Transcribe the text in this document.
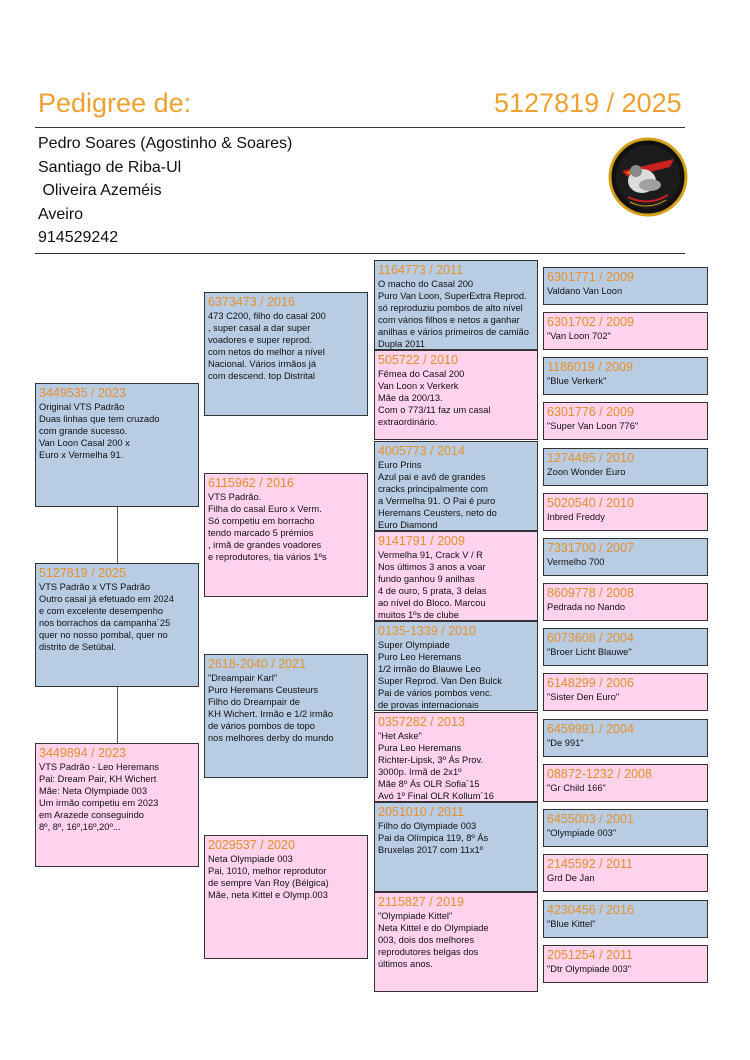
Pedigree de:	5127819 / 2025
Pedro Soares (Agostinho & Soares)
Santiago de Riba-Ul
Oliveira Azeméis
Aveiro
914529242
3449535 / 2023
Original VTS Padrão
Duas linhas que tem cruzado
com grande sucesso.
Van Loon Casal 200 x
Euro x Vermelha 91.
5127819 / 2025
VTS Padrão x VTS Padrão
Outro casal já efetuado em 2024
e com excelente desempenho
nos borrachos da campanha´25
quer no nosso pombal, quer no
distrito de Setúbal.
3449894 / 2023
VTS Padrão - Leo Heremans
Pai: Dream Pair, KH Wichert
Mãe: Neta Olympiade 003
Um irmão competiu em 2023
em Arazede conseguindo
8º, 8º, 16º,16º,20º...
6373473 / 2016
473 C200, filho do casal 200
, super casal a dar super
voadores e super reprod.
com netos do melhor a nível
Nacional. Vários irmãos já
com descend. top Distrital
6115962 / 2016
VTS Padrão.
Filha do casal Euro x Verm.
Só competiu em borracho
tendo marcado 5 prémios
, irmã de grandes voadores
e reprodutores, tia vários 1ºs
2618-2040 / 2021
"Dreampair Karl"
Puro Heremans Ceusteurs
Filho do Dreampair de
KH Wichert. Irmão e 1/2 irmão
de vários pombos de topo
nos melhores derby do mundo
2029537 / 2020
Neta Olympiade 003
Pai, 1010, melhor reprodutor
de sempre Van Roy (Bélgica)
Mãe, neta Kittel e Olymp.003
1164773 / 2011
O macho do Casal 200
Puro Van Loon, SuperExtra Reprod.
só reproduziu pombos de alto nível
com vários filhos e netos a ganhar
anilhas e vários primeiros de camião
Dupla 2011
505722 / 2010
Fêmea do Casal 200
Van Loon x Verkerk
Mãe da 200/13.
Com o 773/11 faz um casal
extraordinário.
4005773 / 2014
Euro Prins
Azul pai e avô de grandes
cracks principalmente com
a Vermelha 91. O Pai é puro
Heremans Ceusters, neto do
Euro Diamond
9141791 / 2009
Vermelha 91, Crack V / R
Nos últimos 3 anos a voar
fundo ganhou 9 anilhas
4 de ouro, 5 prata, 3 delas
ao nível do Bloco. Marcou
muitos 1ºs de clube
0135-1339 / 2010
Super Olympiade
Puro Leo Heremans
1/2 irmão do Blauwe Leo
Super Reprod. Van Den Bulck
Pai de vários pombos venc.
de provas internacionais
0357282 / 2013
"Het Aske"
Pura Leo Heremans
Richter-Lipsk, 3º Ás Prov.
3000p. Irmã de 2x1º
Mãe 8º Ás OLR Sofia´15
Avó 1º Final OLR Kollum´16
2051010 / 2011
Filho do Olympiade 003
Pai da Olímpica 119, 8º Ás
Bruxelas 2017 com 11x1º
2115827 / 2019
"Olympiade Kittel"
Neta Kittel e do Olympiade
003, dois dos melhores
reprodutores belgas dos
últimos anos.
6301771 / 2009
Valdano Van Loon
6301702 / 2009
"Van Loon 702"
1186019 / 2009
"Blue Verkerk"
6301776 / 2009
"Super Van Loon 776"
1274495 / 2010
Zoon Wonder Euro
5020540 / 2010
Inbred Freddy
7331700 / 2007
Vermelho 700
8609778 / 2008
Pedrada no Nando
6073608 / 2004
"Broer Licht Blauwe"
6148299 / 2006
"Sister Den Euro"
6459991 / 2004
"De 991"
08872-1232 / 2008
"Gr Child 166"
6455003 / 2001
"Olympiade 003"
2145592 / 2011
Grd De Jan
4230456 / 2016
"Blue Kittel"
2051254 / 2011
"Dtr Olympiade 003"
